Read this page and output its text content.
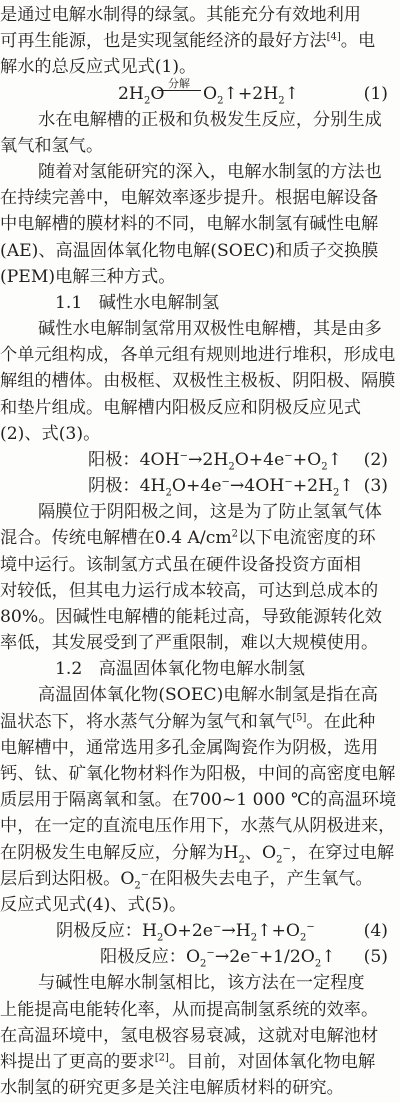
是通过电解水制得的绿氢。其能充分有效地利用
可再生能源，也是实现氢能经济的最好方法[4]。电
解水的总反应式见式(1)。
$2H_2O$
分解

$O_2↑+2H_2↑$	(1)
水在电解槽的正极和负极发生反应，分别生成
氧气和氢气。
随着对氢能研究的深入，电解水制氢的方法也
在持续完善中，电解效率逐步提升。根据电解设备
中电解槽的膜材料的不同，电解水制氢有碱性电解
(AE)、高温固体氧化物电解(SOEC)和质子交换膜
(PEM)电解三种方式。
1.1 碱性水电解制氢
碱性水电解制氢常用双极性电解槽，其是由多
个单元组构成，各单元组有规则地进行堆积，形成电
解组的槽体。由极框、双极性主极板、阴阳极、隔膜
和垫片组成。电解槽内阳极反应和阴极反应见式
(2)、式(3)。
阳极：$4OH^-\to 2H_2O+4e^-+O_2↑$ (2)
阴极：$4H_2O+4e^-\to 4OH^-+2H_2↑$ (3)
隔膜位于阴阳极之间，这是为了防止氢氧气体
混合。传统电解槽在0.4 $A/cm^2$以下电流密度的环
境中运行。该制氢方式虽在硬件设备投资方面相
对较低，但其电力运行成本较高，可达到总成本的
80%。因碱性电解槽的能耗过高，导致能源转化效
率低，其发展受到了严重限制，难以大规模使用。
1.2 高温固体氧化物电解水制氢
高温固体氧化物(SOEC)电解水制氢是指在高
温状态下，将水蒸气分解为氢气和氧气[5]。在此种
电解槽中，通常选用多孔金属陶瓷作为阴极，选用
钙、钛、矿氧化物材料作为阳极，中间的高密度电解
质层用于隔离氧和氢。在700~1 000 ℃的高温环境
中，在一定的直流电压作用下，水蒸气从阴极进来，
在阴极发生电解反应，分解为$H_2$、$O_2^-$，在穿过电解
层后到达阳极。$O_2^-$在阳极失去电子，产生氧气。
反应式见式(4)、式(5)。
阴极反应：$H_2O+2e^-\to H_2↑+O_2^-$	(4)
阳极反应：$O_2^-\to 2e^-+1/2O_2↑$ (5)
与碱性电解水制氢相比，该方法在一定程度
上能提高电能转化率，从而提高制氢系统的效率。
在高温环境中，氢电极容易衰减，这就对电解池材
料提出了更高的要求[2]。目前，对固体氧化物电解
水制氢的研究更多是关注电解质材料的研究。
